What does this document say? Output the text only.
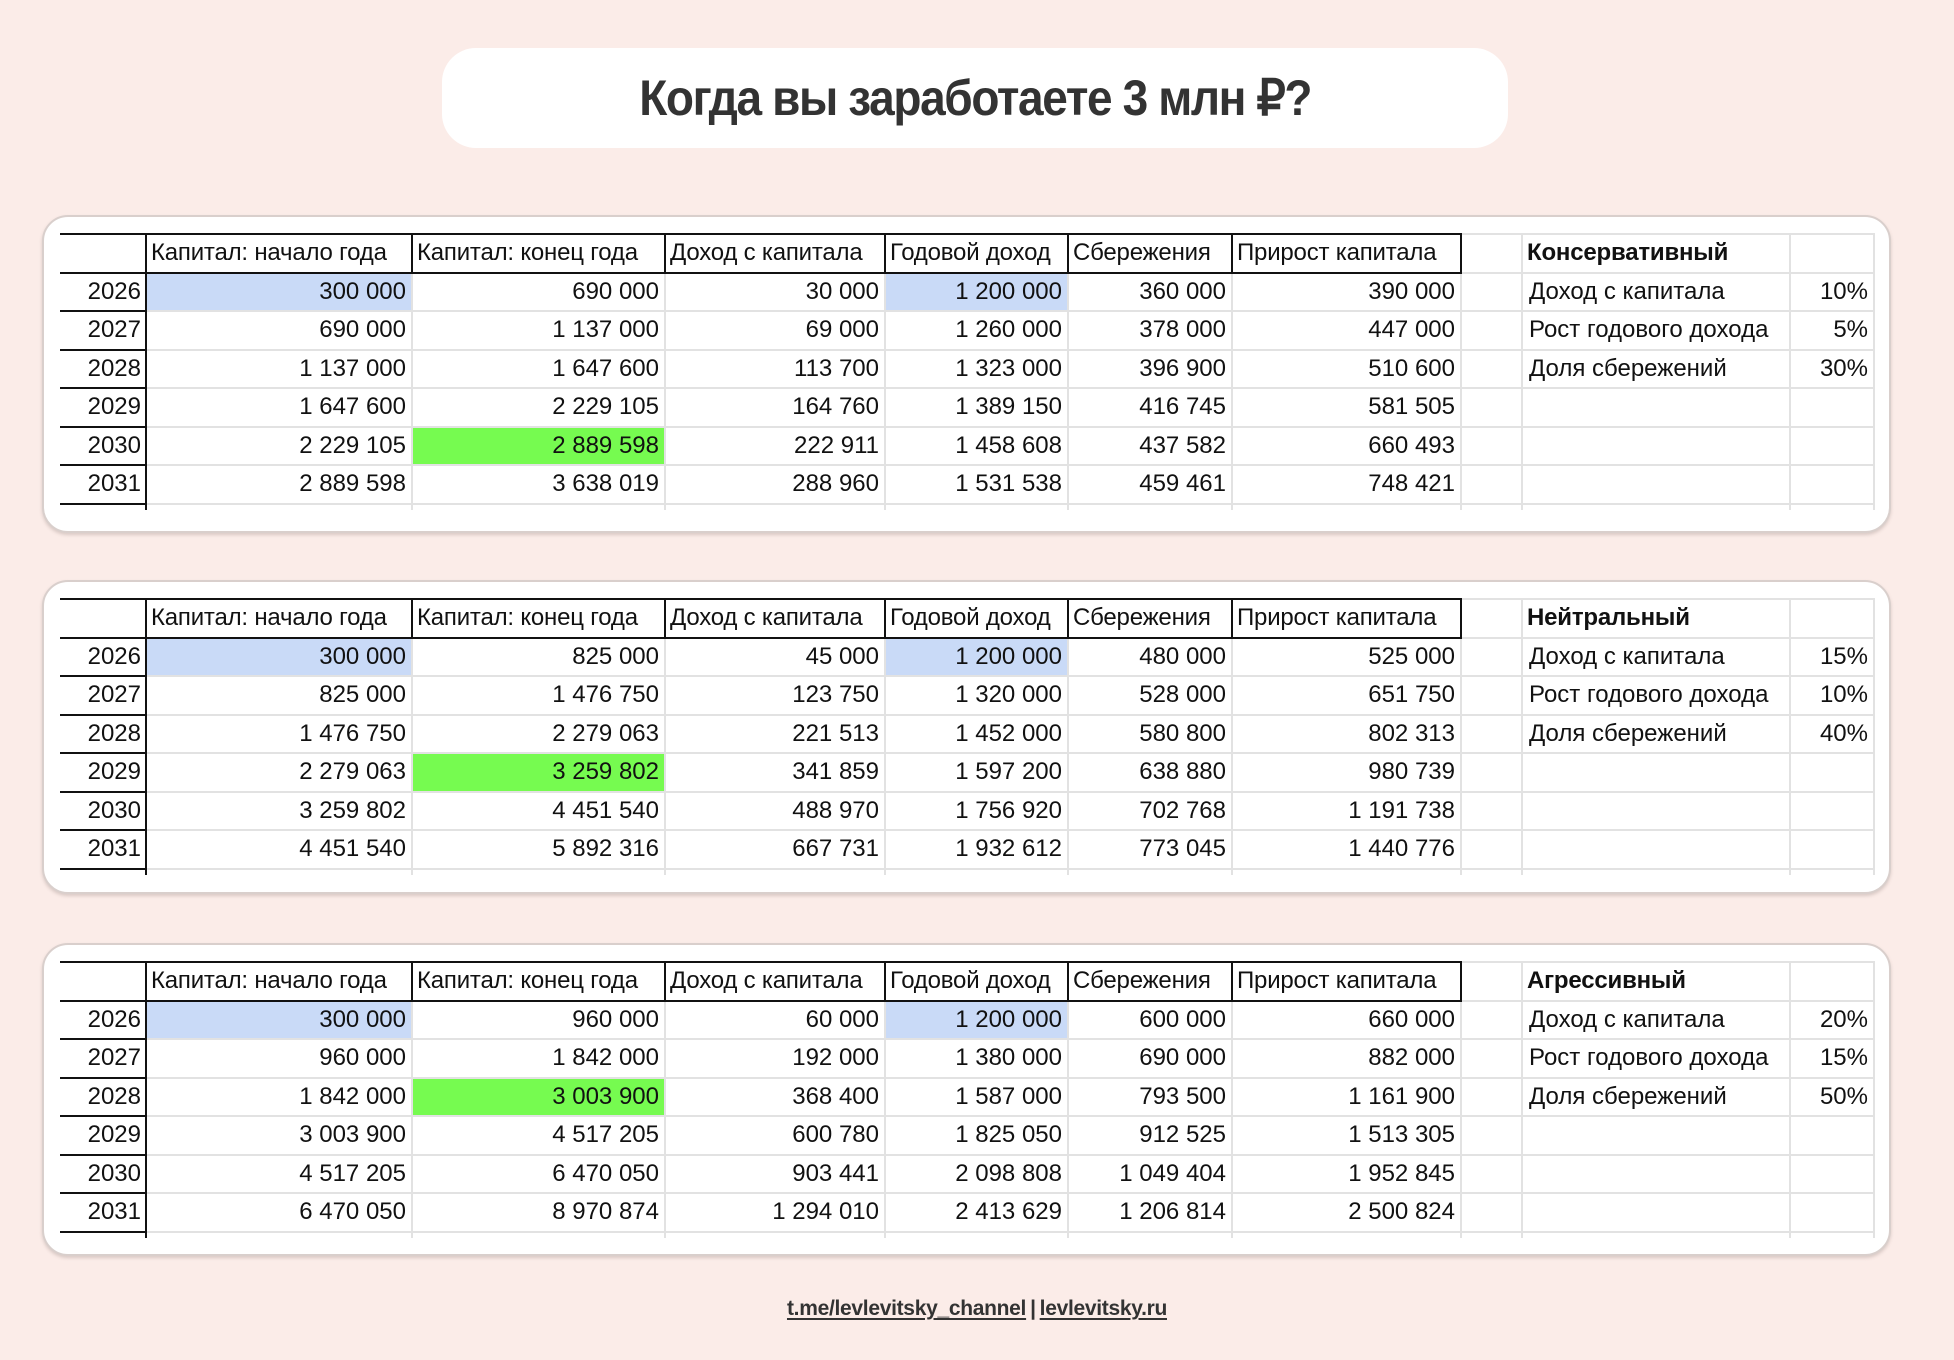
Когда вы заработаете 3 млн ₽?
	Капитал: начало года	Капитал: конец года	Доход с капитала	Годовой доход	Сбережения	Прирост капитала		Консервативный	
2026	300 000	690 000	30 000	1 200 000	360 000	390 000		Доход с капитала	10%
2027	690 000	1 137 000	69 000	1 260 000	378 000	447 000		Рост годового дохода	5%
2028	1 137 000	1 647 600	113 700	1 323 000	396 900	510 600		Доля сбережений	30%
2029	1 647 600	2 229 105	164 760	1 389 150	416 745	581 505			
2030	2 229 105	2 889 598	222 911	1 458 608	437 582	660 493			
2031	2 889 598	3 638 019	288 960	1 531 538	459 461	748 421			

	Капитал: начало года	Капитал: конец года	Доход с капитала	Годовой доход	Сбережения	Прирост капитала		Нейтральный	
2026	300 000	825 000	45 000	1 200 000	480 000	525 000		Доход с капитала	15%
2027	825 000	1 476 750	123 750	1 320 000	528 000	651 750		Рост годового дохода	10%
2028	1 476 750	2 279 063	221 513	1 452 000	580 800	802 313		Доля сбережений	40%
2029	2 279 063	3 259 802	341 859	1 597 200	638 880	980 739			
2030	3 259 802	4 451 540	488 970	1 756 920	702 768	1 191 738			
2031	4 451 540	5 892 316	667 731	1 932 612	773 045	1 440 776			

	Капитал: начало года	Капитал: конец года	Доход с капитала	Годовой доход	Сбережения	Прирост капитала		Агрессивный	
2026	300 000	960 000	60 000	1 200 000	600 000	660 000		Доход с капитала	20%
2027	960 000	1 842 000	192 000	1 380 000	690 000	882 000		Рост годового дохода	15%
2028	1 842 000	3 003 900	368 400	1 587 000	793 500	1 161 900		Доля сбережений	50%
2029	3 003 900	4 517 205	600 780	1 825 050	912 525	1 513 305			
2030	4 517 205	6 470 050	903 441	2 098 808	1 049 404	1 952 845			
2031	6 470 050	8 970 874	1 294 010	2 413 629	1 206 814	2 500 824			

t.me/levlevitsky_channel | levlevitsky.ru
